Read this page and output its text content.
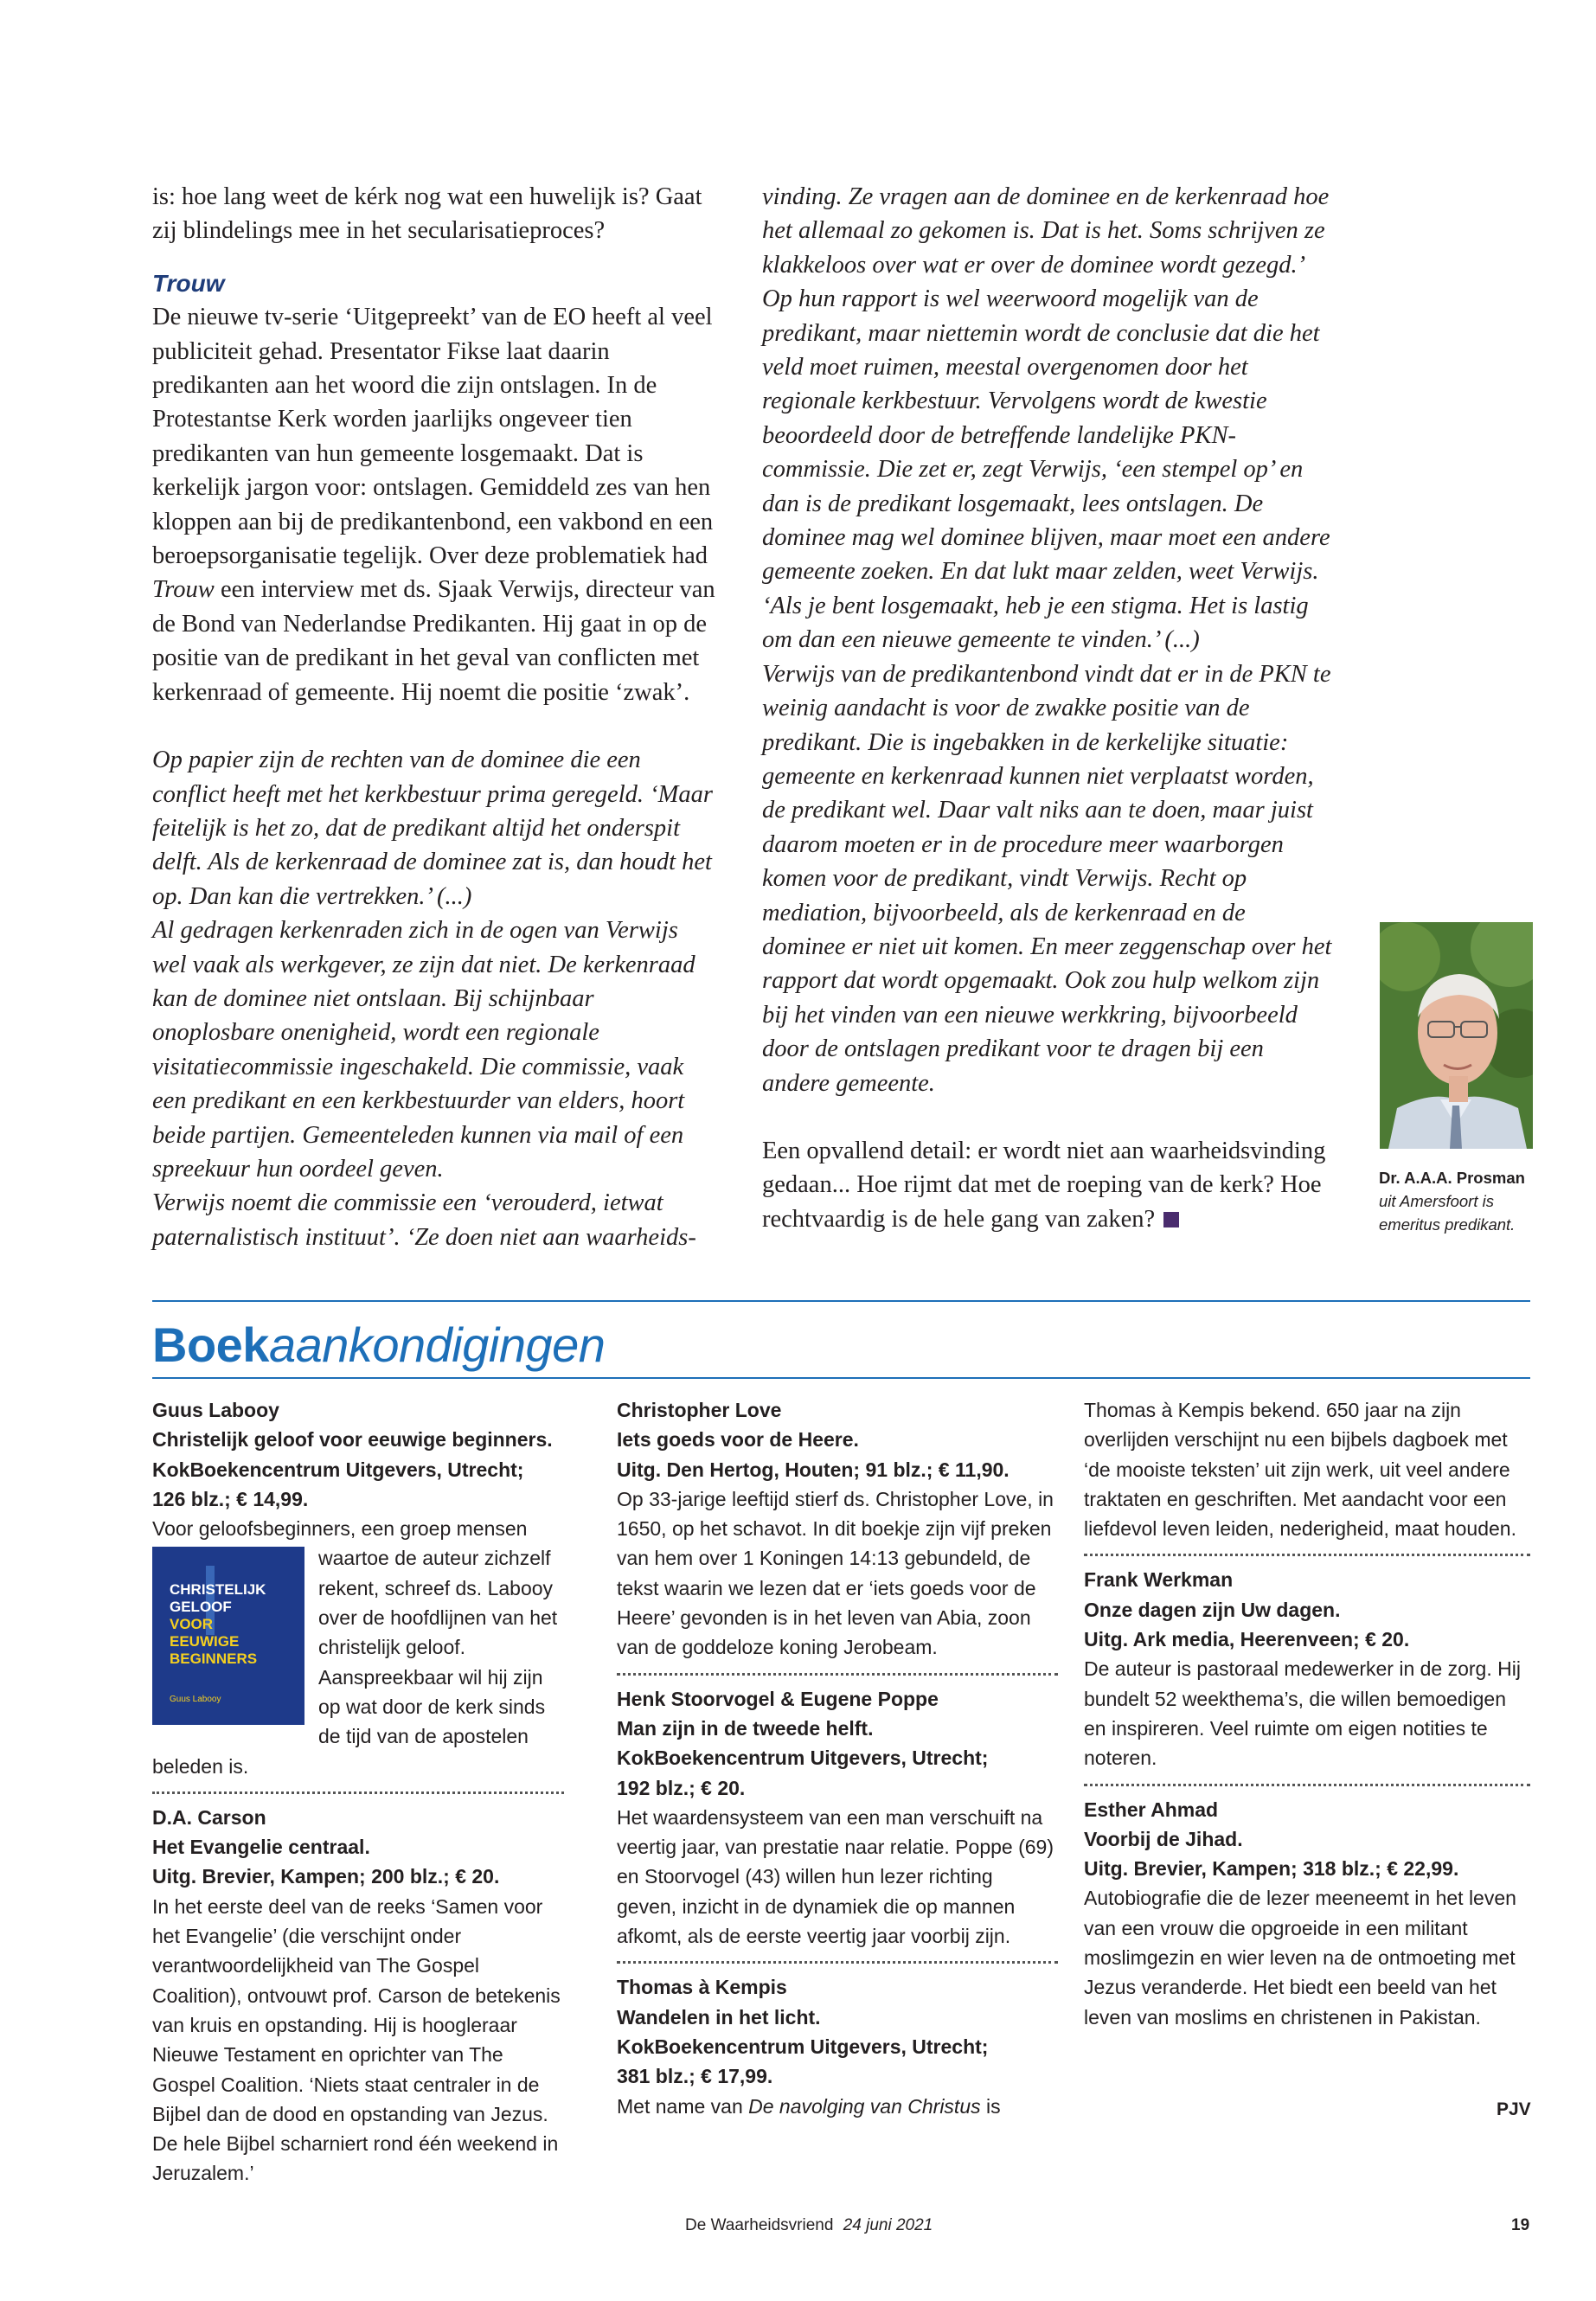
is: hoe lang weet de kérk nog wat een huwelijk is? Gaat zij blindelings mee in het secularisatieproces?

Trouw

De nieuwe tv-serie ‘Uitgepreekt’ van de EO heeft al veel publiciteit gehad. Presentator Fikse laat daarin predikanten aan het woord die zijn ontslagen. In de Protestantse Kerk worden jaarlijks ongeveer tien predikanten van hun gemeente losgemaakt. Dat is kerkelijk jargon voor: ontslagen. Gemiddeld zes van hen kloppen aan bij de predikantenbond, een vakbond en een beroepsorganisatie tegelijk. Over deze problematiek had Trouw een interview met ds. Sjaak Verwijs, directeur van de Bond van Nederlandse Predikanten. Hij gaat in op de positie van de predikant in het geval van conflicten met kerkenraad of gemeente. Hij noemt die positie ‘zwak’.

Op papier zijn de rechten van de dominee die een conflict heeft met het kerkbestuur prima geregeld. ‘Maar feitelijk is het zo, dat de predikant altijd het onderspit delft. Als de kerkenraad de dominee zat is, dan houdt het op. Dan kan die vertrekken.’ (...)

Al gedragen kerkenraden zich in de ogen van Verwijs wel vaak als werkgever, ze zijn dat niet. De kerkenraad kan de dominee niet ontslaan. Bij schijnbaar onoplosbare onenigheid, wordt een regionale visitatiecommissie ingeschakeld. Die commissie, vaak een predikant en een kerkbestuurder van elders, hoort beide partijen. Gemeenteleden kunnen via mail of een spreekuur hun oordeel geven.

Verwijs noemt die commissie een ‘verouderd, ietwat paternalistisch instituut’. ‘Ze doen niet aan waarheids-

vinding. Ze vragen aan de dominee en de kerkenraad hoe het allemaal zo gekomen is. Dat is het. Soms schrijven ze klakkeloos over wat er over de dominee wordt gezegd.’

Op hun rapport is wel weerwoord mogelijk van de predikant, maar niettemin wordt de conclusie dat die het veld moet ruimen, meestal overgenomen door het regionale kerkbestuur. Vervolgens wordt de kwestie beoordeeld door de betreffende landelijke PKN-commissie. Die zet er, zegt Verwijs, ‘een stempel op’ en dan is de predikant losgemaakt, lees ontslagen. De dominee mag wel dominee blijven, maar moet een andere gemeente zoeken. En dat lukt maar zelden, weet Verwijs. ‘Als je bent losgemaakt, heb je een stigma. Het is lastig om dan een nieuwe gemeente te vinden.’ (...)

Verwijs van de predikantenbond vindt dat er in de PKN te weinig aandacht is voor de zwakke positie van de predikant. Die is ingebakken in de kerkelijke situatie: gemeente en kerkenraad kunnen niet verplaatst worden, de predikant wel. Daar valt niks aan te doen, maar juist daarom moeten er in de procedure meer waarborgen komen voor de predikant, vindt Verwijs. Recht op mediation, bijvoorbeeld, als de kerkenraad en de dominee er niet uit komen. En meer zeggenschap over het rapport dat wordt opgemaakt. Ook zou hulp welkom zijn bij het vinden van een nieuwe werkkring, bijvoorbeeld door de ontslagen predikant voor te dragen bij een andere gemeente.

Een opvallend detail: er wordt niet aan waarheidsvinding gedaan... Hoe rijmt dat met de roeping van de kerk? Hoe rechtvaardig is de hele gang van zaken?

Dr. A.A.A. Prosman
uit Amersfoort is emeritus predikant.
Boekaankondigingen
Guus Labooy
Christelijk geloof voor eeuwige beginners.
KokBoekencentrum Uitgevers, Utrecht;
126 blz.; € 14,99.
Voor geloofsbeginners, een groep mensen
CHRISTELIJK
GELOOF
VOOR
EEUWIGE
BEGINNERS
Guus Labooy
waartoe de auteur zichzelf rekent, schreef ds. Labooy over de hoofdlijnen van het christelijk geloof. Aanspreekbaar wil hij zijn op wat door de kerk sinds de tijd van de apostelen beleden is.
D.A. Carson
Het Evangelie centraal.
Uitg. Brevier, Kampen; 200 blz.; € 20.
In het eerste deel van de reeks ‘Samen voor het Evangelie’ (die verschijnt onder verantwoordelijkheid van The Gospel Coalition), ontvouwt prof. Carson de betekenis van kruis en opstanding. Hij is hoogleraar Nieuwe Testament en oprichter van The Gospel Coalition. ‘Niets staat centraler in de Bijbel dan de dood en opstanding van Jezus. De hele Bijbel scharniert rond één weekend in Jeruzalem.’
Christopher Love
Iets goeds voor de Heere.
Uitg. Den Hertog, Houten; 91 blz.; € 11,90.
Op 33-jarige leeftijd stierf ds. Christopher Love, in 1650, op het schavot. In dit boekje zijn vijf preken van hem over 1 Koningen 14:13 gebundeld, de tekst waarin we lezen dat er ‘iets goeds voor de Heere’ gevonden is in het leven van Abia, zoon van de goddeloze koning Jerobeam.
Henk Stoorvogel & Eugene Poppe
Man zijn in de tweede helft.
KokBoekencentrum Uitgevers, Utrecht;
192 blz.; € 20.
Het waardensysteem van een man verschuift na veertig jaar, van prestatie naar relatie. Poppe (69) en Stoorvogel (43) willen hun lezer richting geven, inzicht in de dynamiek die op mannen afkomt, als de eerste veertig jaar voorbij zijn.
Thomas à Kempis
Wandelen in het licht.
KokBoekencentrum Uitgevers, Utrecht;
381 blz.; € 17,99.
Met name van De navolging van Christus is
Thomas à Kempis bekend. 650 jaar na zijn overlijden verschijnt nu een bijbels dagboek met ‘de mooiste teksten’ uit zijn werk, uit veel andere traktaten en geschriften. Met aandacht voor een liefdevol leven leiden, nederigheid, maat houden.
Frank Werkman
Onze dagen zijn Uw dagen.
Uitg. Ark media, Heerenveen; € 20.
De auteur is pastoraal medewerker in de zorg. Hij bundelt 52 weekthema’s, die willen bemoedigen en inspireren. Veel ruimte om eigen notities te noteren.
Esther Ahmad
Voorbij de Jihad.
Uitg. Brevier, Kampen; 318 blz.; € 22,99.
Autobiografie die de lezer meeneemt in het leven van een vrouw die opgroeide in een militant moslimgezin en wier leven na de ontmoeting met Jezus veranderde. Het biedt een beeld van het leven van moslims en christenen in Pakistan.
PJV
De Waarheidsvriend 24 juni 2021	19
